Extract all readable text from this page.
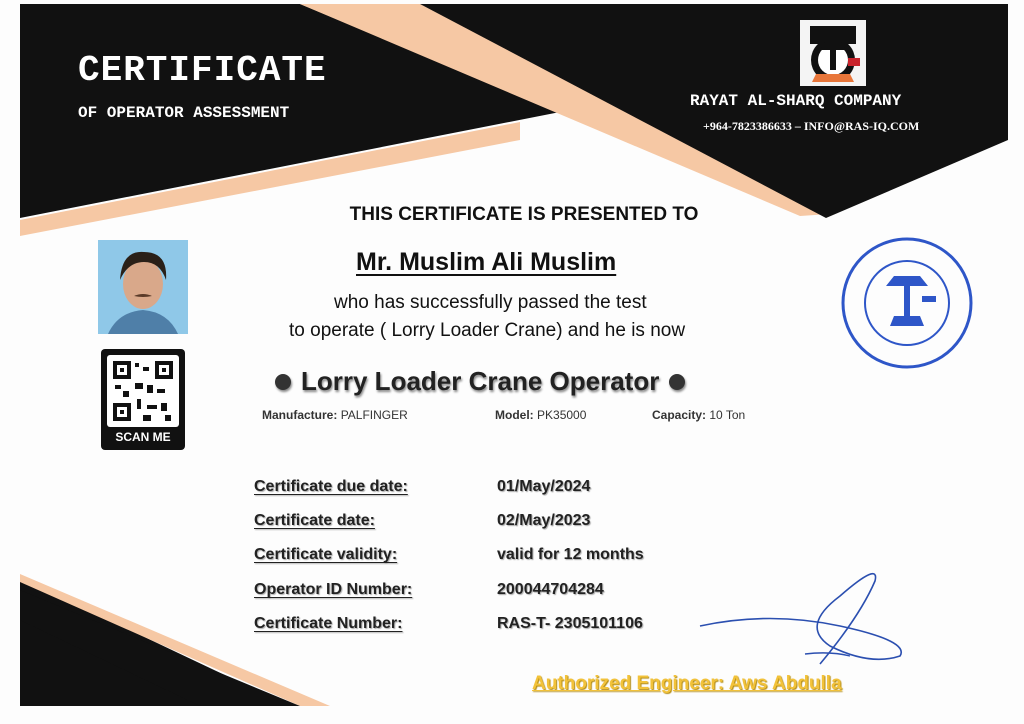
CERTIFICATE
OF OPERATOR ASSESSMENT
RAYAT AL-SHARQ COMPANY
+964-7823386633 – INFO@RAS-IQ.COM
THIS CERTIFICATE IS PRESENTED TO
Mr. Muslim Ali Muslim
who has successfully passed the test
to operate ( Lorry Loader Crane) and he is now
Lorry Loader Crane Operator
Manufacture: PALFINGER	Model: PK35000	Capacity: 10 Ton
SCAN ME
Certificate due date:	01/May/2024
Certificate date:	02/May/2023
Certificate validity:	valid for 12 months
Operator ID Number:	200044704284
Certificate Number:	RAS-T- 2305101106
Authorized Engineer: Aws Abdulla
